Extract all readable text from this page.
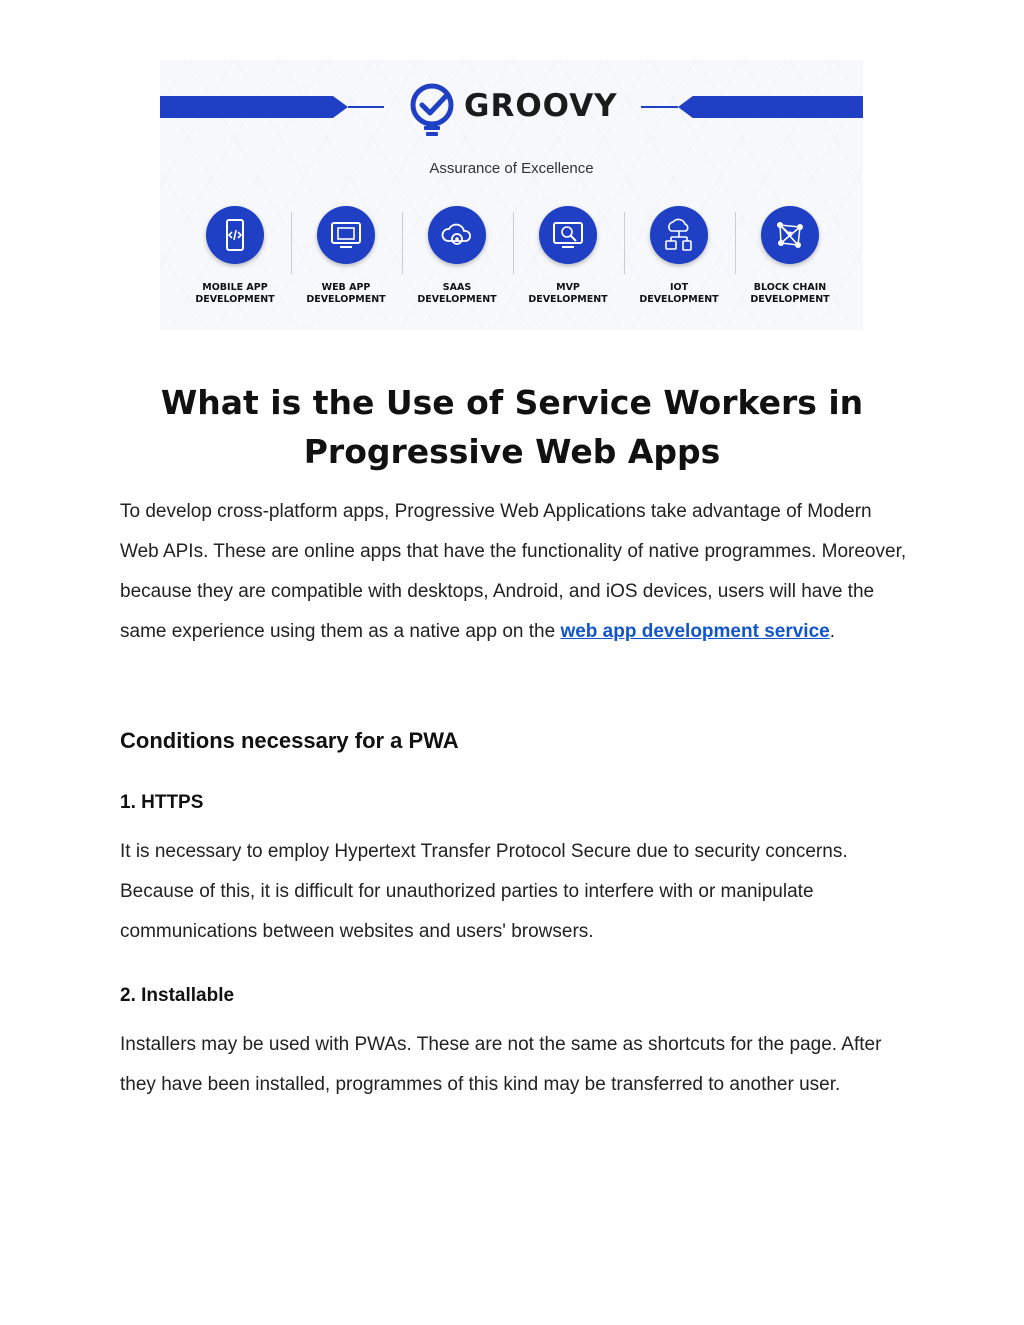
GROOVY
Assurance of Excellence
MOBILE APP
DEVELOPMENT
WEB APP
DEVELOPMENT
SAAS
DEVELOPMENT
MVP
DEVELOPMENT
IOT
DEVELOPMENT
BLOCK CHAIN
DEVELOPMENT
What is the Use of Service Workers in Progressive Web Apps

To develop cross-platform apps, Progressive Web Applications take advantage of Modern Web APIs. These are online apps that have the functionality of native programmes. Moreover, because they are compatible with desktops, Android, and iOS devices, users will have the same experience using them as a native app on the web app development service.

Conditions necessary for a PWA
1. HTTPS

It is necessary to employ Hypertext Transfer Protocol Secure due to security concerns. Because of this, it is difficult for unauthorized parties to interfere with or manipulate communications between websites and users' browsers.

2. Installable

Installers may be used with PWAs. These are not the same as shortcuts for the page. After they have been installed, programmes of this kind may be transferred to another user.
